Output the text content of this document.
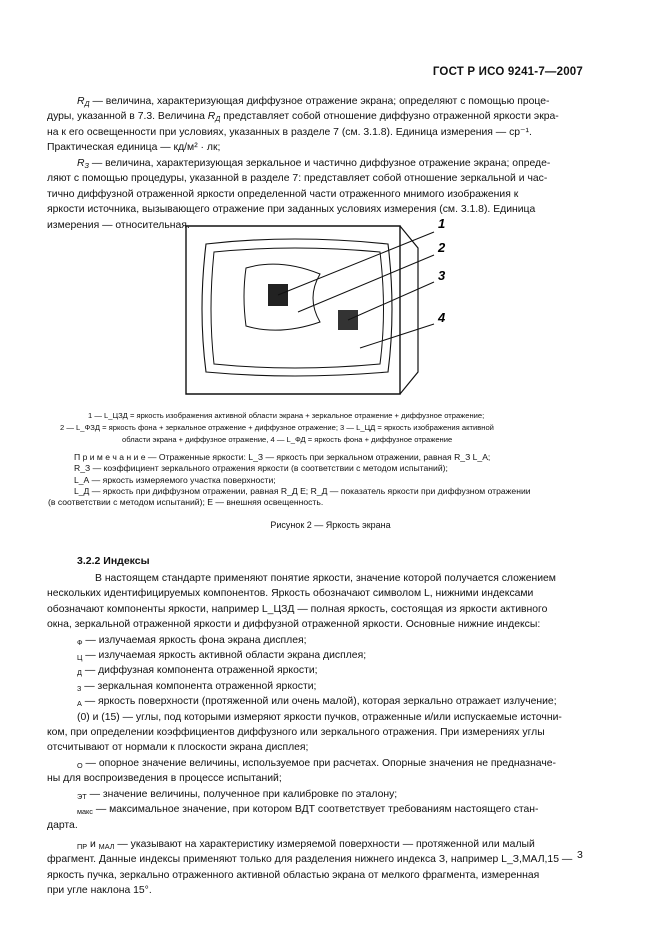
ГОСТ Р ИСО 9241-7—2007
$R_Д$ — величина, характеризующая диффузное отражение экрана; определяют с помощью проце-
дуры, указанной в 7.3. Величина $R_Д$ представляет собой отношение диффузно отраженной яркости экра-
на к его освещенности при условиях, указанных в разделе 7 (см. 3.1.8). Единица измерения — ср⁻¹.
Практическая единица — кд/м² · лк;
$R_З$ — величина, характеризующая зеркальное и частично диффузное отражение экрана; опреде-
ляют с помощью процедуры, указанной в разделе 7: представляет собой отношение зеркальной и час-
тично диффузной отраженной яркости определенной части отраженного мнимого изображения к
яркости источника, вызывающего отражение при заданных условиях измерения (см. 3.1.8). Единица
измерения — относительная.	1
2
3
4
1 — L_ЦЗД = яркость изображения активной области экрана + зеркальное отражение + диффузное отражение;
2 — L_ФЗД = яркость фона + зеркальное отражение + диффузное отражение; 3 — L_ЦД = яркость изображения активной
области экрана + диффузное отражение, 4 — L_ФД = яркость фона + диффузное отражение
П р и м е ч а н и е — Отраженные яркости: L_З — яркость при зеркальном отражении, равная R_З L_А;
R_З — коэффициент зеркального отражения яркости (в соответствии с методом испытаний);
L_А — яркость измеряемого участка поверхности;
L_Д — яркость при диффузном отражении, равная R_Д E; R_Д — показатель яркости при диффузном отражении
(в соответствии с методом испытаний); E — внешняя освещенность.
Рисунок 2 — Яркость экрана
3.2.2 Индексы
В настоящем стандарте применяют понятие яркости, значение которой получается сложением
нескольких идентифицируемых компонентов. Яркость обозначают символом L, нижними индексами
обозначают компоненты яркости, например L_ЦЗД — полная яркость, состоящая из яркости активного
окна, зеркальной отраженной яркости и диффузной отраженной яркости. Основные нижние индексы:
$_Ф$ — излучаемая яркость фона экрана дисплея;
$_Ц$ — излучаемая яркость активной области экрана дисплея;
$_Д$ — диффузная компонента отраженной яркости;
$_З$ — зеркальная компонента отраженной яркости;
$_А$ — яркость поверхности (протяженной или очень малой), которая зеркально отражает излучение;
(0) и (15) — углы, под которыми измеряют яркости пучков, отраженные и/или испускаемые источни-
ком, при определении коэффициентов диффузного или зеркального отражения. При измерениях углы
отсчитывают от нормали к плоскости экрана дисплея;
$_О$ — опорное значение величины, используемое при расчетах. Опорные значения не предназначе-
ны для воспроизведения в процессе испытаний;
$_{ЭТ}$ — значение величины, полученное при калибровке по эталону;
$_{макс}$ — максимальное значение, при котором ВДТ соответствует требованиям настоящего стан-
дарта.
$_{ПР}$ и $_{МАЛ}$ — указывают на характеристику измеряемой поверхности — протяженной или малый
фрагмент. Данные индексы применяют только для разделения нижнего индекса З, например L_З,МАЛ,15 —
яркость пучка, зеркально отраженного активной областью экрана от мелкого фрагмента, измеренная
при угле наклона 15°.
3
